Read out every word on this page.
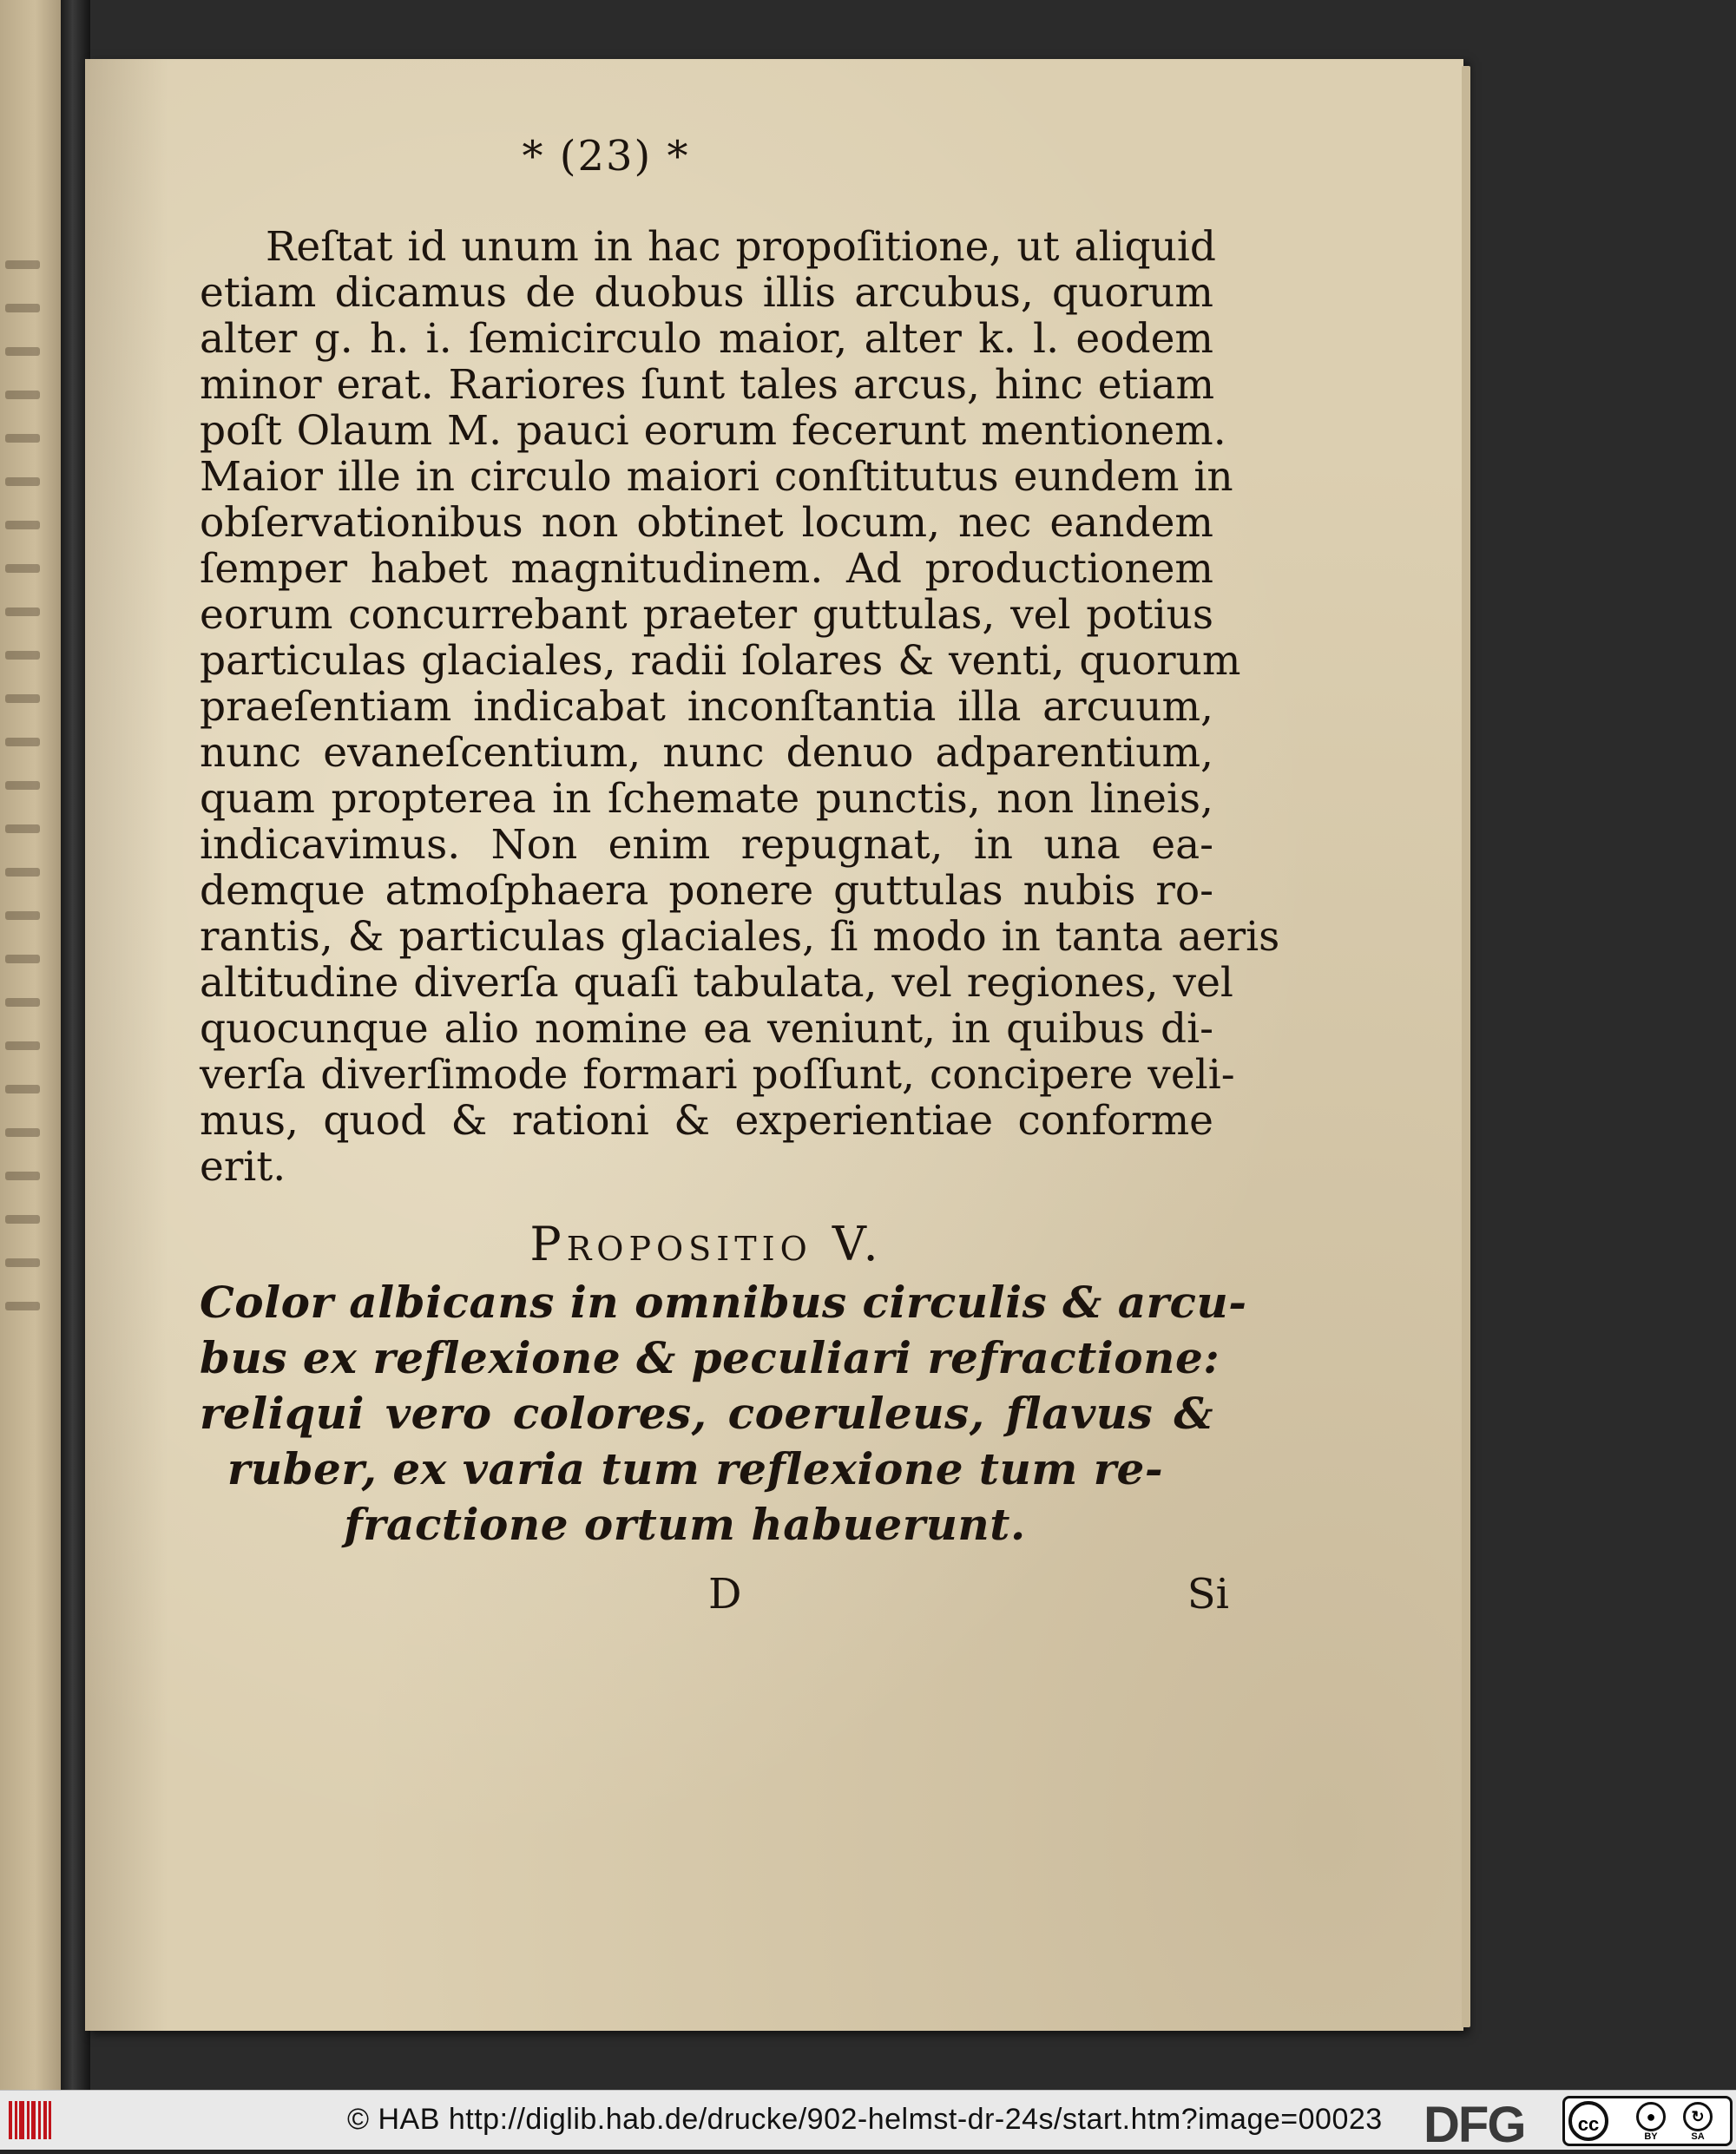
* (23) *
Reſtat id unum in hac propoſitione, ut aliquid
etiam dicamus de duobus illis arcubus, quorum
alter g. h. i. ſemicirculo maior, alter k. l. eodem
minor erat. Rariores ſunt tales arcus, hinc etiam
poſt Olaum M. pauci eorum fecerunt mentionem.
Maior ille in circulo maiori conſtitutus eundem in
obſervationibus non obtinet locum, nec eandem
ſemper habet magnitudinem. Ad productionem
eorum concurrebant praeter guttulas, vel potius
particulas glaciales, radii ſolares & venti, quorum
praeſentiam indicabat inconſtantia illa arcuum,
nunc evaneſcentium, nunc denuo adparentium,
quam propterea in ſchemate punctis, non lineis,
indicavimus. Non enim repugnat, in una ea-
demque atmoſphaera ponere guttulas nubis ro-
rantis, & particulas glaciales, ſi modo in tanta aeris
altitudine diverſa quaſi tabulata, vel regiones, vel
quocunque alio nomine ea veniunt, in quibus di-
verſa diverſimode formari poſſunt, concipere veli-
mus, quod & rationi & experientiae conforme
erit.
Propositio V.
Color albicans in omnibus circulis & arcu-
bus ex reflexione & peculiari refractione:
reliqui vero colores, coeruleus, flavus &
ruber, ex varia tum reflexione tum re-
fractione ortum habuerunt.
D	Si
© HAB http://diglib.hab.de/drucke/902-helmst-dr-24s/start.htm?image=00023 DFG	cc	●
BY
↻
SA
